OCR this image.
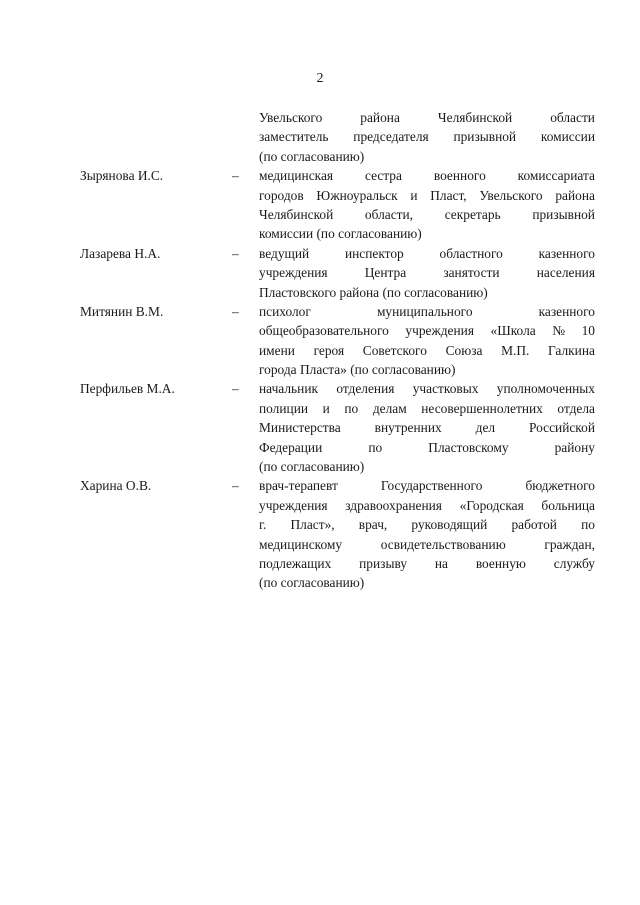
2
Увельского	района	Челябинской	области
заместитель председателя призывной комиссии
(по согласованию)
Зырянова И.С.	– медицинская сестра военного комиссариата
городов Южноуральск и Пласт, Увельского района
Челябинской области, секретарь призывной
комиссии (по согласованию)
Лазарева Н.А.	– ведущий	инспектор	областного	казенного
учреждения	Центра	занятости	населения
Пластовского района (по согласованию)
Митянин В.М.	– психолог	муниципального	казенного
общеобразовательного учреждения «Школа № 10
имени героя Советского Союза М.П. Галкина
города Пласта» (по согласованию)
Перфильев М.А.	– начальник отделения участковых уполномоченных
полиции и по делам несовершеннолетних отдела
Министерства	внутренних	дел	Российской
Федерации	по	Пластовскому	району
(по согласованию)
Харина О.В.	– врач-терапевт	Государственного	бюджетного
учреждения здравоохранения «Городская больница
г. Пласт», врач, руководящий работой по
медицинскому	освидетельствованию	граждан,
подлежащих призыву на военную службу
(по согласованию)
